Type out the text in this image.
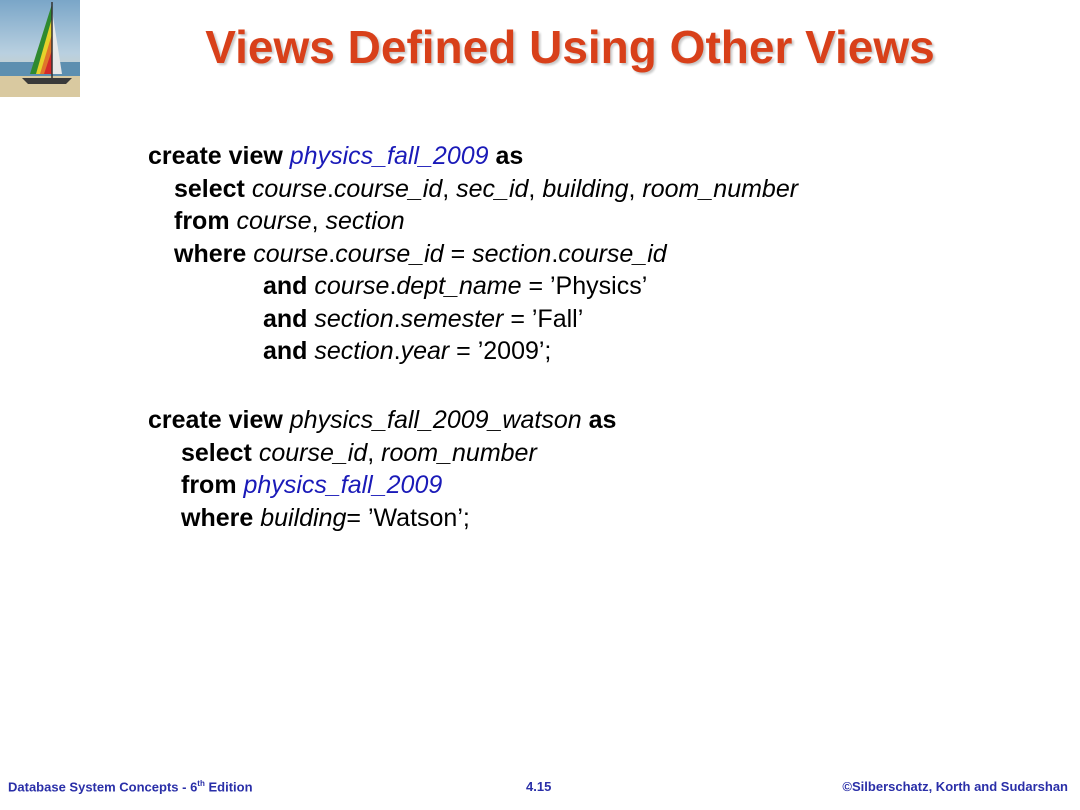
Views Defined Using Other Views
create view physics_fall_2009 as
select course.course_id, sec_id, building, room_number
from course, section
where course.course_id = section.course_id
and course.dept_name = ’Physics’
and section.semester = ’Fall’
and section.year = ’2009’;
create view physics_fall_2009_watson as
select course_id, room_number
from physics_fall_2009
where building= ’Watson’;
Database System Concepts - 6th Edition	4.15	©Silberschatz, Korth and Sudarshan
